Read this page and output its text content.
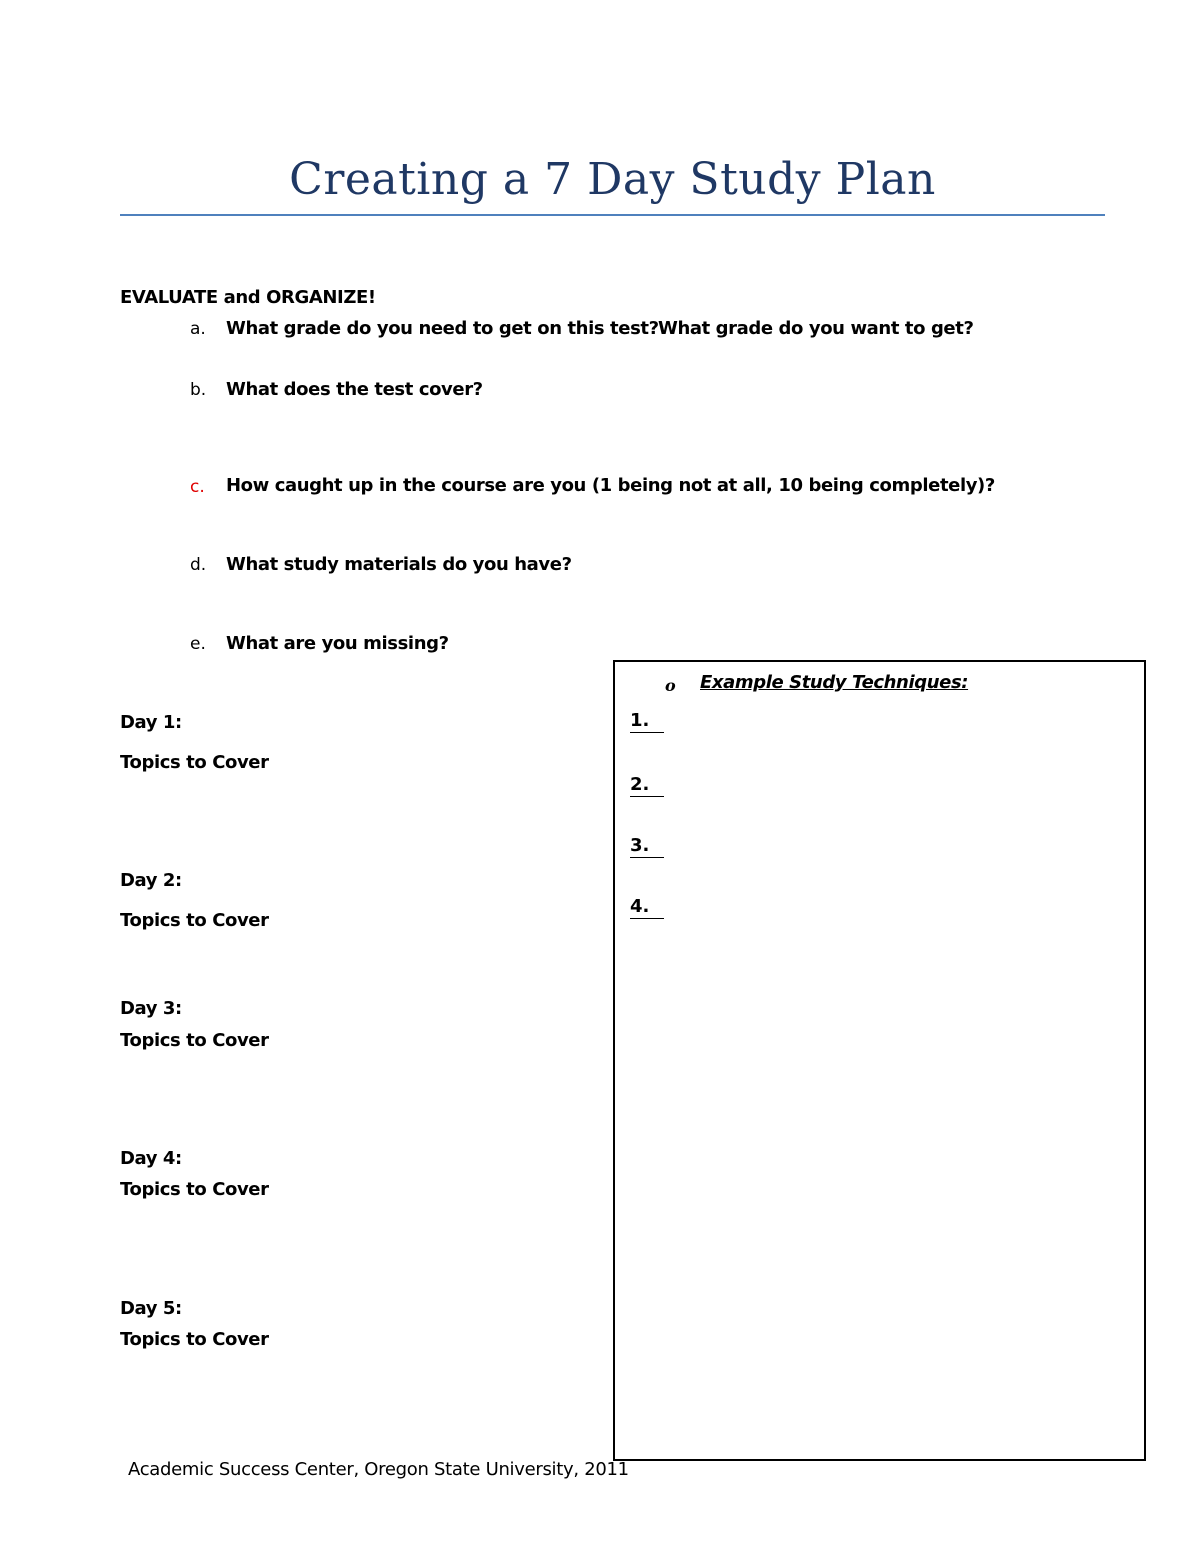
Creating a 7 Day Study Plan
EVALUATE and ORGANIZE!
a. What grade do you need to get on this test? What grade do you want to get?
b. What does the test cover?
c. How caught up in the course are you (1 being not at all, 10 being completely)?
d. What study materials do you have?
e. What are you missing?
Day 1:
Topics to Cover
Day 2:
Topics to Cover
Day 3:
Topics to Cover
Day 4:
Topics to Cover
Day 5:
Topics to Cover
o Example Study Techniques:
1.
2.
3.
4.
Academic Success Center, Oregon State University, 2011
